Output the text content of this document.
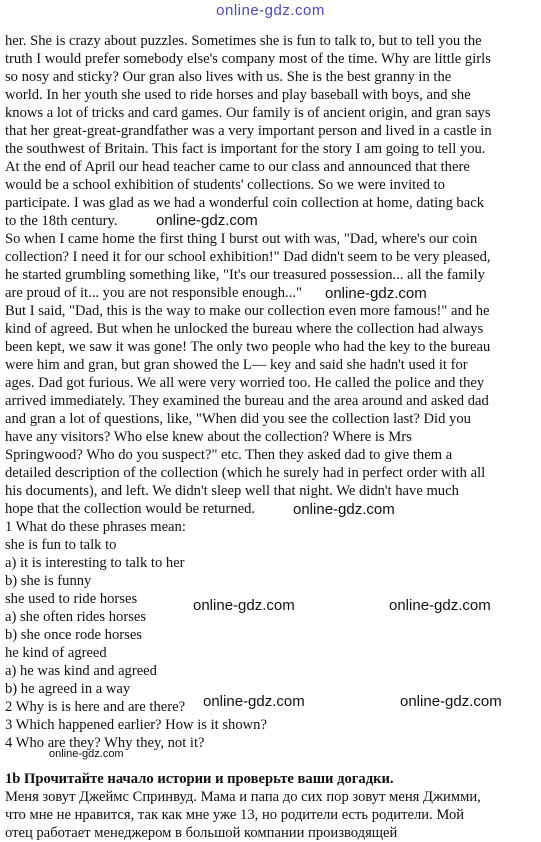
online-gdz.com
her. She is crazy about puzzles. Sometimes she is fun to talk to, but to tell you the
truth I would prefer somebody else's company most of the time. Why are little girls
so nosy and sticky? Our gran also lives with us. She is the best granny in the
world. In her youth she used to ride horses and play baseball with boys, and she
knows a lot of tricks and card games. Our family is of ancient origin, and gran says
that her great-great-grandfather was a very important person and lived in a castle in
the southwest of Britain. This fact is important for the story I am going to tell you.
At the end of April our head teacher came to our class and announced that there
would be a school exhibition of students' collections. So we were invited to
participate. I was glad as we had a wonderful coin collection at home, dating back
to the 18th century.
So when I came home the first thing I burst out with was, "Dad, where's our coin
collection? I need it for our school exhibition!" Dad didn't seem to be very pleased,
he started grumbling something like, "It's our treasured possession... all the family
are proud of it... you are not responsible enough..."
But I said, "Dad, this is the way to make our collection even more famous!" and he
kind of agreed. But when he unlocked the bureau where the collection had always
been kept, we saw it was gone! The only two people who had the key to the bureau
were him and gran, but gran showed the L— key and said she hadn't used it for
ages. Dad got furious. We all were very worried too. He called the police and they
arrived immediately. They examined the bureau and the area around and asked dad
and gran a lot of questions, like, "When did you see the collection last? Did you
have any visitors? Who else knew about the collection? Where is Mrs
Springwood? Who do you suspect?" etc. Then they asked dad to give them a
detailed description of the collection (which he surely had in perfect order with all
his documents), and left. We didn't sleep well that night. We didn't have much
hope that the collection would be returned.
1 What do these phrases mean:
she is fun to talk to
a) it is interesting to talk to her
b) she is funny
she used to ride horses
a) she often rides horses
b) she once rode horses
he kind of agreed
a) he was kind and agreed
b) he agreed in a way
2 Why is is here and are there?
3 Which happened earlier? How is it shown?
4 Who are they? Why they, not it?
1b Прочитайте начало истории и проверьте ваши догадки.
Меня зовут Джеймс Спринвуд. Мама и папа до сих пор зовут меня Джимми,
что мне не нравится, так как мне уже 13, но родители есть родители. Мой
отец работает менеджером в большой компании производящей
online-gdz.com
online-gdz.com
online-gdz.com
online-gdz.com	online-gdz.com
online-gdz.com	online-gdz.com
online-gdz.com
